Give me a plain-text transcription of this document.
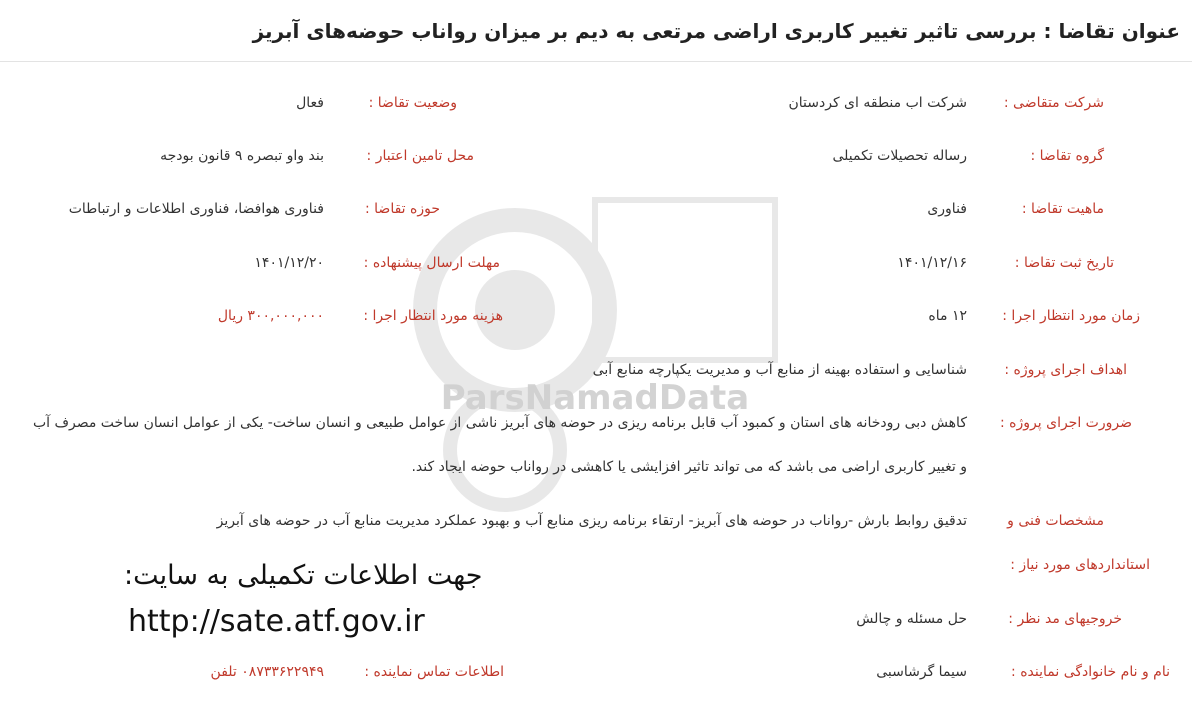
عنوان تقاضا : بررسی تاثیر تغییر کاربری اراضی مرتعی به دیم بر میزان رواناب حوضه‌های آبریز
ParsNamadData
شرکت متقاضی :
شرکت اب منطقه ای کردستان
وضعیت تقاضا :
فعال
گروه تقاضا :
رساله تحصیلات تکمیلی
محل تامین اعتبار :
بند واو تبصره ۹ قانون بودجه
ماهیت تقاضا :
فناوری
حوزه تقاضا :
فناوری هوافضا، فناوری اطلاعات و ارتباطات
تاریخ ثبت تقاضا :
۱۴۰۱/۱۲/۱۶
مهلت ارسال پیشنهاده :
۱۴۰۱/۱۲/۲۰
زمان مورد انتظار اجرا :
۱۲ ماه
هزینه مورد انتظار اجرا :
۳۰۰,۰۰۰,۰۰۰ ریال
اهداف اجرای پروژه :
شناسایی و استفاده بهینه از منابع آب و مدیریت یکپارچه منابع آبی
ضرورت اجرای پروژه :
کاهش دبی رودخانه های استان و کمبود آب قابل برنامه ریزی در حوضه های آبریز ناشی از عوامل طبیعی و انسان ساخت- یکی از عوامل انسان ساخت مصرف آب و تغییر کاربری اراضی می باشد که می تواند تاثیر افزایشی یا کاهشی در رواناب حوضه ایجاد کند.
مشخصات فنی و
استانداردهای مورد نیاز :
تدقیق روابط بارش -رواناب در حوضه های آبریز- ارتقاء برنامه ریزی منابع آب و بهبود عملکرد مدیریت منابع آب در حوضه های آبریز
جهت اطلاعات تکمیلی به سایت:
http://sate.atf.gov.ir	خروجیهای مد نظر :
حل مسئله و چالش
نام و نام خانوادگی نماینده :
سیما گرشاسبی
اطلاعات تماس نماینده :
۰۸۷۳۳۶۲۲۹۴۹ تلفن
